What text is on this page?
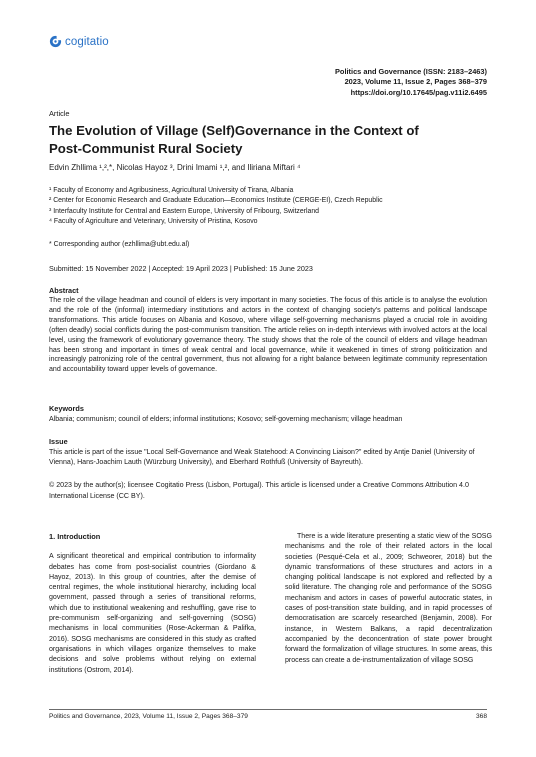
cogitatio
Politics and Governance (ISSN: 2183–2463)
2023, Volume 11, Issue 2, Pages 368–379
https://doi.org/10.17645/pag.v11i2.6495
Article
The Evolution of Village (Self)Governance in the Context of
Post-Communist Rural Society
Edvin Zhllima ¹,²,*, Nicolas Hayoz ³, Drini Imami ¹,², and Iliriana Miftari ⁴
¹ Faculty of Economy and Agribusiness, Agricultural University of Tirana, Albania
² Center for Economic Research and Graduate Education—Economics Institute (CERGE-EI), Czech Republic
³ Interfaculty Institute for Central and Eastern Europe, University of Fribourg, Switzerland
⁴ Faculty of Agriculture and Veterinary, University of Pristina, Kosovo
* Corresponding author (ezhllima@ubt.edu.al)
Submitted: 15 November 2022 | Accepted: 19 April 2023 | Published: 15 June 2023
Abstract
The role of the village headman and council of elders is very important in many societies. The focus of this article is to analyse the evolution and the role of the (informal) intermediary institutions and actors in the context of changing society's patterns and political landscape transformations. This article focuses on Albania and Kosovo, where village self-governing mechanisms played a crucial role in avoiding (often deadly) social conflicts during the post-communism transition. The article relies on in-depth interviews with involved actors at the local level, using the framework of evolutionary governance theory. The study shows that the role of the council of elders and village headman has been strong and important in times of weak central and local governance, while it weakened in times of strong politicization and increasingly patronizing role of the central government, thus not allowing for a right balance between legitimate community representation and accountability toward upper levels of governance.
Keywords
Albania; communism; council of elders; informal institutions; Kosovo; self-governing mechanism; village headman
Issue
This article is part of the issue "Local Self-Governance and Weak Statehood: A Convincing Liaison?" edited by Antje Daniel (University of Vienna), Hans-Joachim Lauth (Würzburg University), and Eberhard Rothfuß (University of Bayreuth).
© 2023 by the author(s); licensee Cogitatio Press (Lisbon, Portugal). This article is licensed under a Creative Commons Attribution 4.0 International License (CC BY).
1. Introduction

A significant theoretical and empirical contribution to informality debates has come from post-socialist countries (Giordano & Hayoz, 2013). In this group of countries, after the demise of central regimes, the whole institutional hierarchy, including local government, passed through a series of transitional reforms, which due to institutional weakening and reshuffling, gave rise to pre-communism self-organizing and self-governing (SOSG) mechanisms in local communities (Rose-Ackerman & Palifka, 2016). SOSG mechanisms are considered in this study as crafted organisations in which villages organize themselves to make decisions and solve problems without relying on external institutions (Ostrom, 2014).

There is a wide literature presenting a static view of the SOSG mechanisms and the role of their related actors in the local societies (Pesqué-Cela et al., 2009; Schweorer, 2018) but the dynamic transformations of these structures and actors in a changing political landscape is not explored and reflected by a solid literature. The changing role and performance of the SOSG mechanism and actors in cases of powerful autocratic states, in cases of post-transition state building, and in rapid processes of democratisation are scarcely researched (Benjamin, 2008). For instance, in Western Balkans, a rapid decentralization accompanied by the deconcentration of state power brought forward the formalization of village structures. In some areas, this process can create a de-instrumentalization of village SOSG

Politics and Governance, 2023, Volume 11, Issue 2, Pages 368–379	368
